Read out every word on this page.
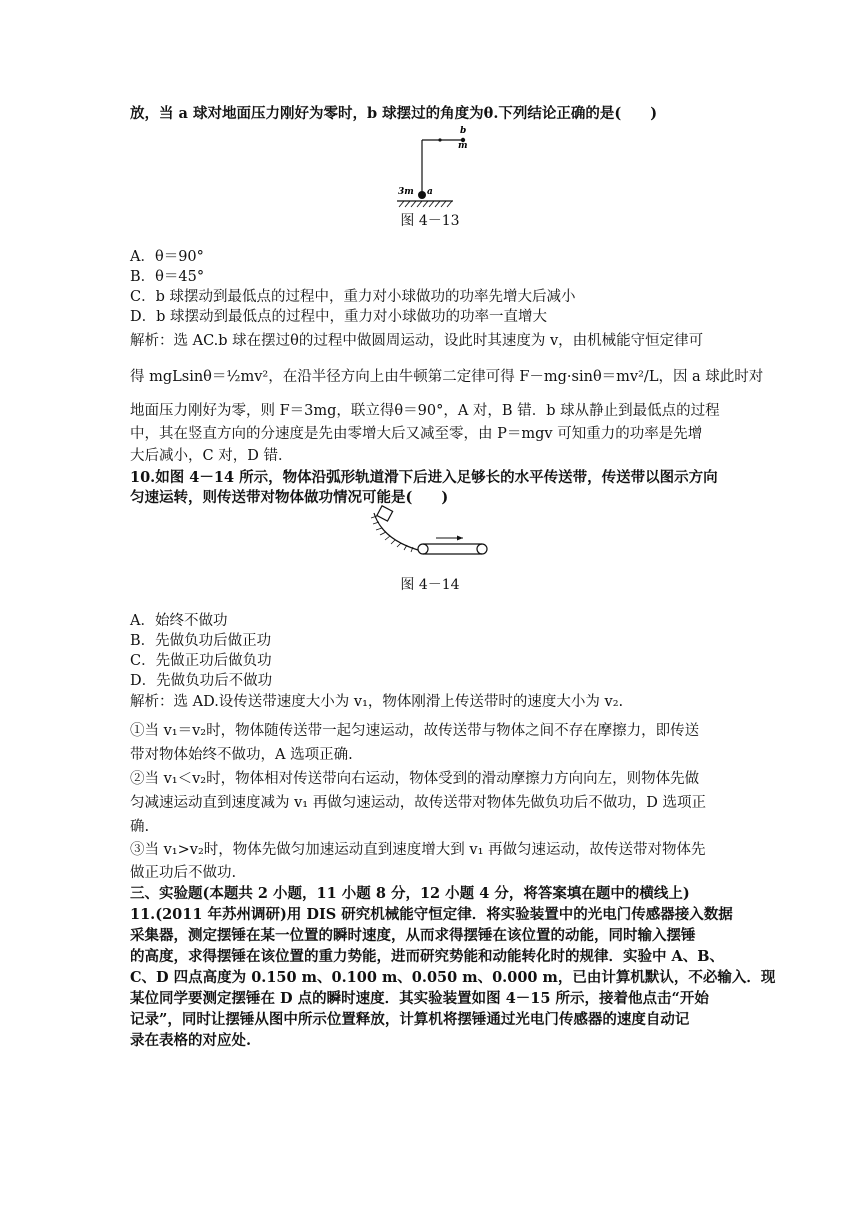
放，当 a 球对地面压力刚好为零时，b 球摆过的角度为θ.下列结论正确的是(　　)
b
m
3m a
图 4－13
A．θ＝90°
B．θ＝45°
C．b 球摆动到最低点的过程中，重力对小球做功的功率先增大后减小
D．b 球摆动到最低点的过程中，重力对小球做功的功率一直增大
解析：选 AC.b 球在摆过θ的过程中做圆周运动，设此时其速度为 v，由机械能守恒定律可
得 mgLsinθ＝½mv²，在沿半径方向上由牛顿第二定律可得 F－mg·sinθ＝mv²/L，因 a 球此时对
地面压力刚好为零，则 F＝3mg，联立得θ＝90°，A 对，B 错．b 球从静止到最低点的过程
中，其在竖直方向的分速度是先由零增大后又减至零，由 P＝mgv 可知重力的功率是先增
大后减小，C 对，D 错．
10.如图 4－14 所示，物体沿弧形轨道滑下后进入足够长的水平传送带，传送带以图示方向
匀速运转，则传送带对物体做功情况可能是(　　)
图 4－14
A．始终不做功
B．先做负功后做正功
C．先做正功后做负功
D．先做负功后不做功
解析：选 AD.设传送带速度大小为 v₁，物体刚滑上传送带时的速度大小为 v₂.
①当 v₁＝v₂时，物体随传送带一起匀速运动，故传送带与物体之间不存在摩擦力，即传送
带对物体始终不做功，A 选项正确.
②当 v₁＜v₂时，物体相对传送带向右运动，物体受到的滑动摩擦力方向向左，则物体先做
匀减速运动直到速度减为 v₁ 再做匀速运动，故传送带对物体先做负功后不做功，D 选项正
确.
③当 v₁>v₂时，物体先做匀加速运动直到速度增大到 v₁ 再做匀速运动，故传送带对物体先
做正功后不做功.
三、实验题(本题共 2 小题，11 小题 8 分，12 小题 4 分，将答案填在题中的横线上)
11.(2011 年苏州调研)用 DIS 研究机械能守恒定律．将实验装置中的光电门传感器接入数据
采集器，测定摆锤在某一位置的瞬时速度，从而求得摆锤在该位置的动能，同时输入摆锤
的高度，求得摆锤在该位置的重力势能，进而研究势能和动能转化时的规律．实验中 A、B、
C、D 四点高度为 0.150 m、0.100 m、0.050 m、0.000 m，已由计算机默认，不必输入．现
某位同学要测定摆锤在 D 点的瞬时速度．其实验装置如图 4－15 所示，接着他点击“开始
记录”，同时让摆锤从图中所示位置释放，计算机将摆锤通过光电门传感器的速度自动记
录在表格的对应处.
